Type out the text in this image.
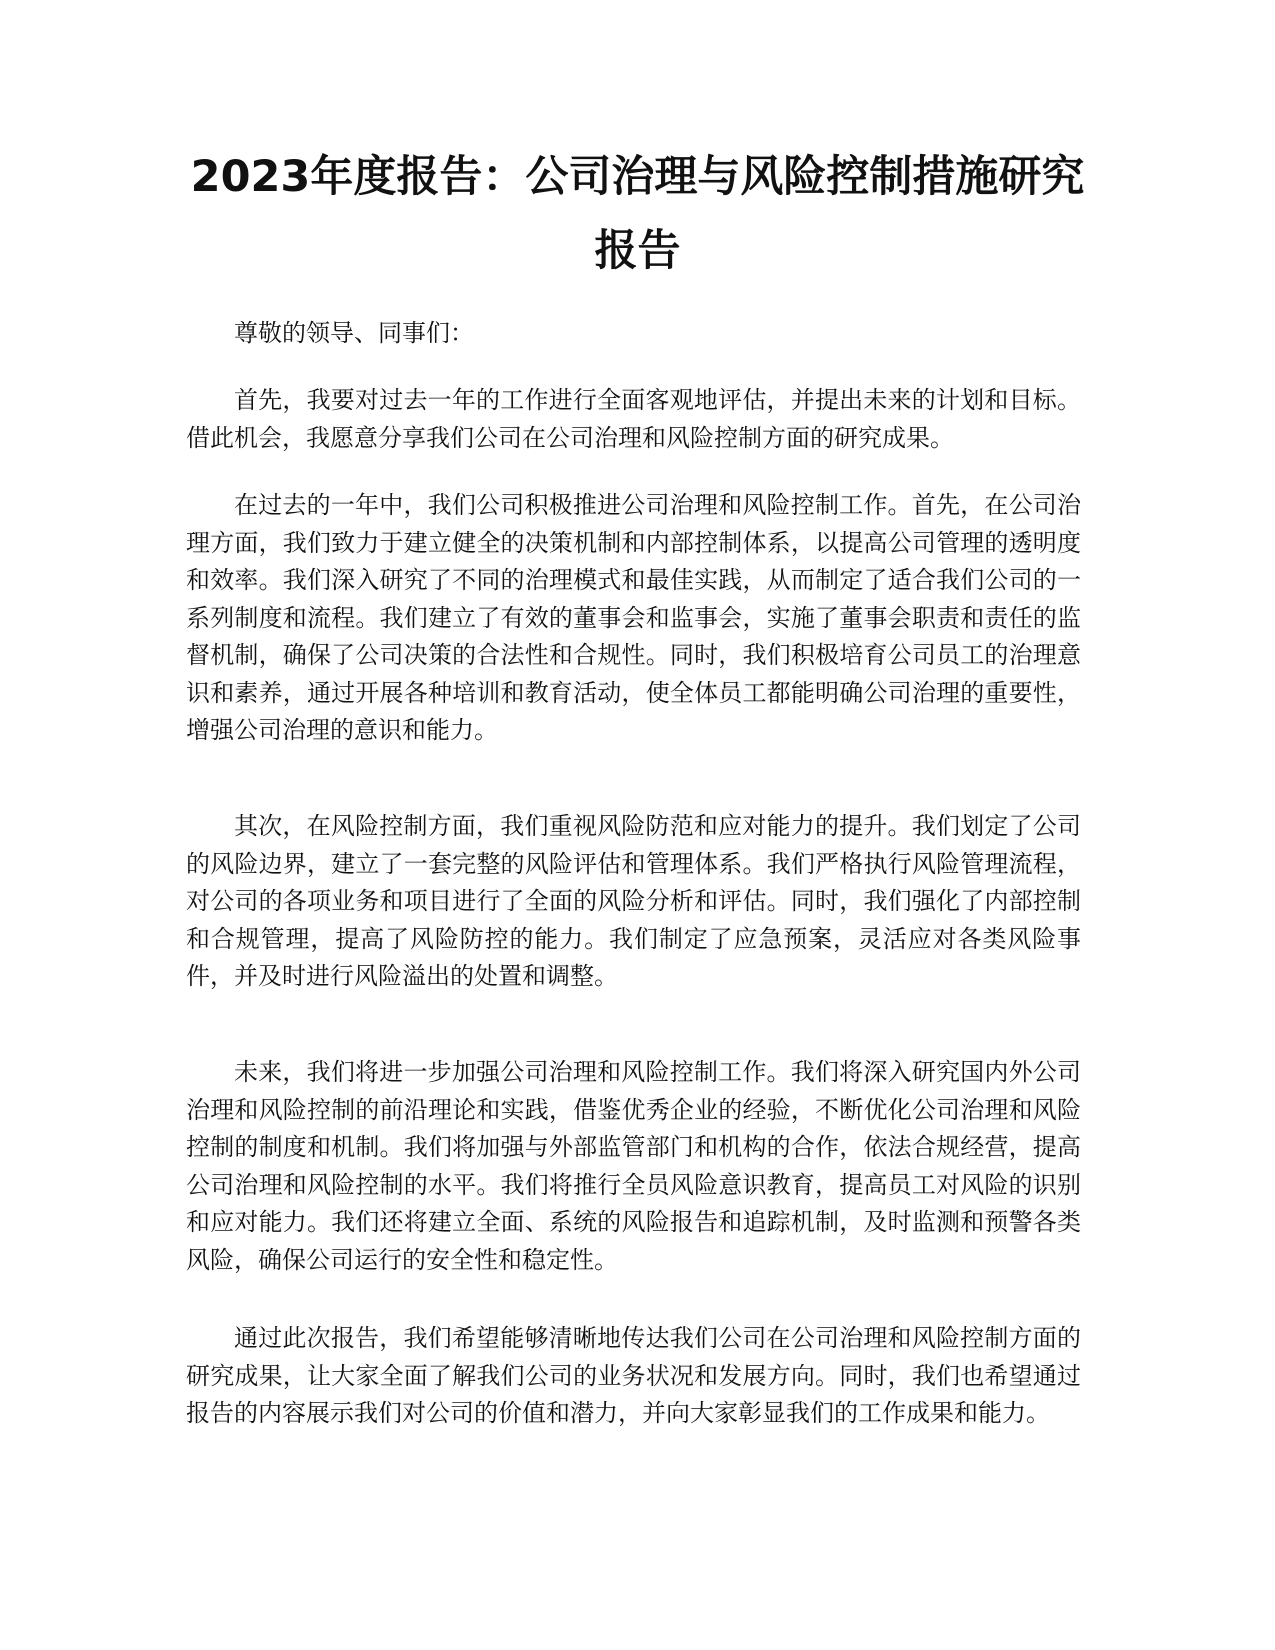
2023年度报告：公司治理与风险控制措施研究报告

尊敬的领导、同事们：

首先，我要对过去一年的工作进行全面客观地评估，并提出未来的计划和目标。借此机会，我愿意分享我们公司在公司治理和风险控制方面的研究成果。

在过去的一年中，我们公司积极推进公司治理和风险控制工作。首先，在公司治理方面，我们致力于建立健全的决策机制和内部控制体系，以提高公司管理的透明度和效率。我们深入研究了不同的治理模式和最佳实践，从而制定了适合我们公司的一系列制度和流程。我们建立了有效的董事会和监事会，实施了董事会职责和责任的监督机制，确保了公司决策的合法性和合规性。同时，我们积极培育公司员工的治理意识和素养，通过开展各种培训和教育活动，使全体员工都能明确公司治理的重要性，增强公司治理的意识和能力。

其次，在风险控制方面，我们重视风险防范和应对能力的提升。我们划定了公司的风险边界，建立了一套完整的风险评估和管理体系。我们严格执行风险管理流程，对公司的各项业务和项目进行了全面的风险分析和评估。同时，我们强化了内部控制和合规管理，提高了风险防控的能力。我们制定了应急预案，灵活应对各类风险事件，并及时进行风险溢出的处置和调整。

未来，我们将进一步加强公司治理和风险控制工作。我们将深入研究国内外公司治理和风险控制的前沿理论和实践，借鉴优秀企业的经验，不断优化公司治理和风险控制的制度和机制。我们将加强与外部监管部门和机构的合作，依法合规经营，提高公司治理和风险控制的水平。我们将推行全员风险意识教育，提高员工对风险的识别和应对能力。我们还将建立全面、系统的风险报告和追踪机制，及时监测和预警各类风险，确保公司运行的安全性和稳定性。

通过此次报告，我们希望能够清晰地传达我们公司在公司治理和风险控制方面的研究成果，让大家全面了解我们公司的业务状况和发展方向。同时，我们也希望通过报告的内容展示我们对公司的价值和潜力，并向大家彰显我们的工作成果和能力。
